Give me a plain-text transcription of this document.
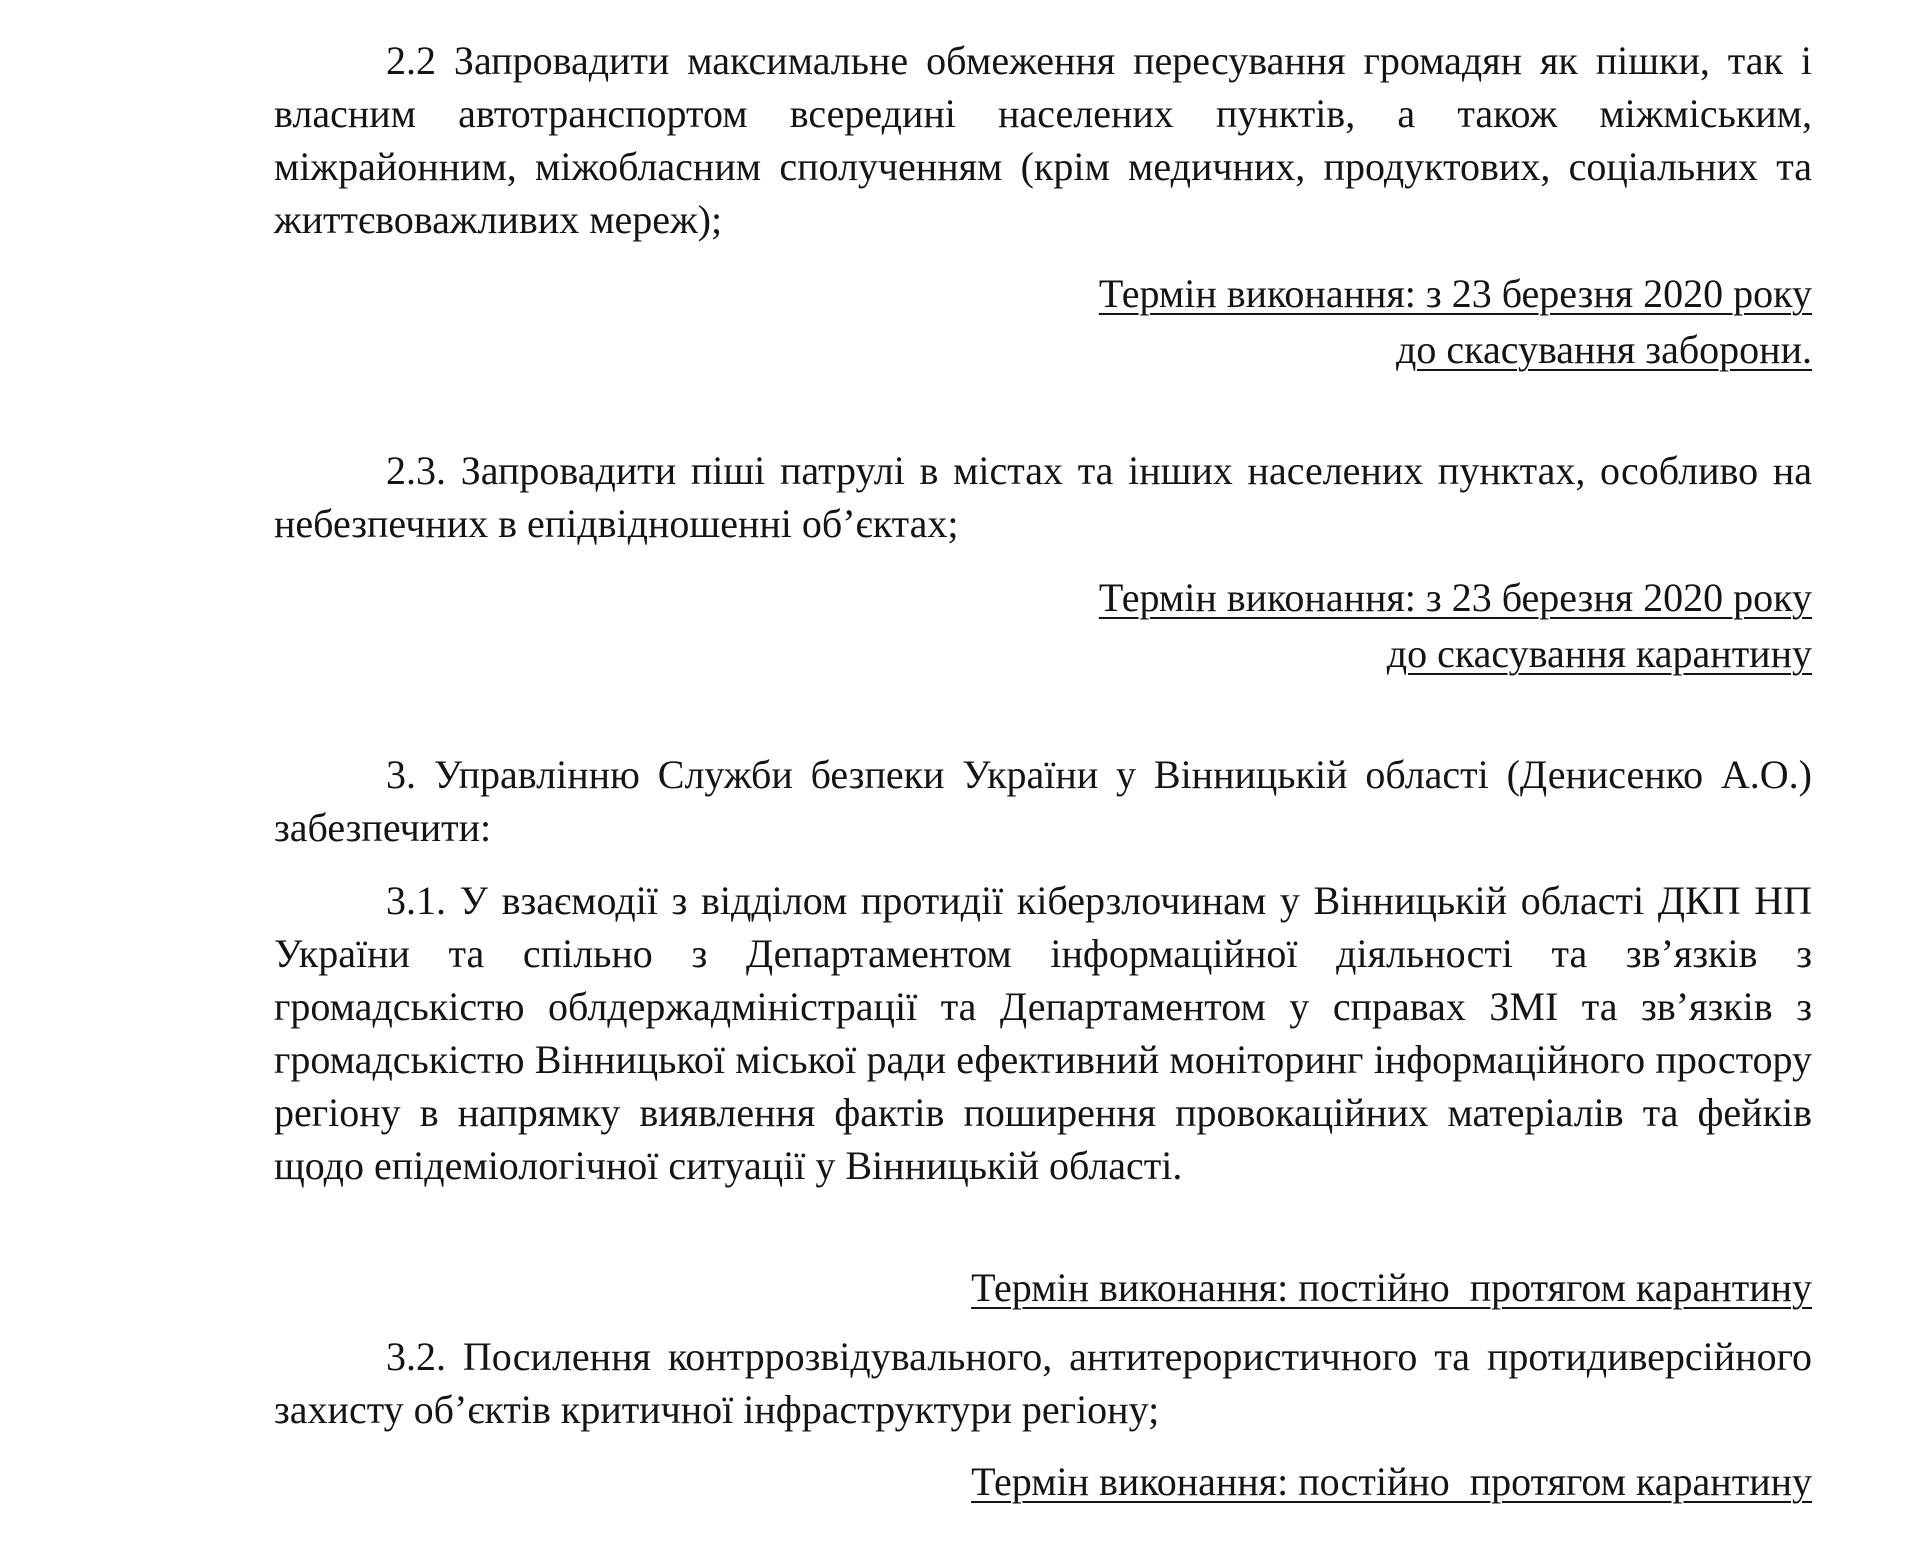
2.2 Запровадити максимальне обмеження пересування громадян як пішки, так і власним автотранспортом всередині населених пунктів, а також міжміським, міжрайонним, міжобласним сполученням (крім медичних, продуктових, соціальних та життєвоважливих мереж);

Термін виконання: з 23 березня 2020 року

до скасування заборони.

2.3. Запровадити піші патрулі в містах та інших населених пунктах, особливо на небезпечних в епідвідношенні об’єктах;

Термін виконання: з 23 березня 2020 року

до скасування карантину

3. Управлінню Служби безпеки України у Вінницькій області (Денисенко А.О.) забезпечити:

3.1. У взаємодії з відділом протидії кіберзлочинам у Вінницькій області ДКП НП України та спільно з Департаментом інформаційної діяльності та зв’язків з громадськістю облдержадміністрації та Департаментом у справах ЗМІ та зв’язків з громадськістю Вінницької міської ради ефективний моніторинг інформаційного простору регіону в напрямку виявлення фактів поширення провокаційних матеріалів та фейків щодо епідеміологічної ситуації у Вінницькій області.

Термін виконання: постійно  протягом карантину

3.2. Посилення контррозвідувального, антитерористичного та протидиверсійного захисту об’єктів критичної інфраструктури регіону;

Термін виконання: постійно  протягом карантину
